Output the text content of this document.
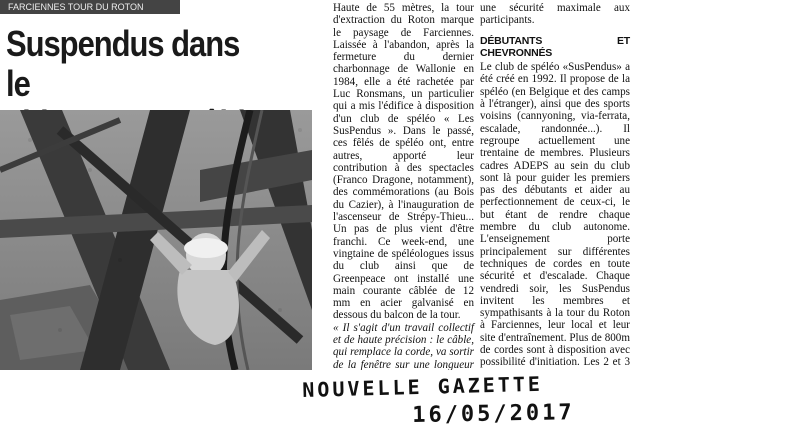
FARCIENNES TOUR DU ROTON
Suspendus dans le

Haute de 55 mètres, la tour d'extraction du Roton marque le paysage de Farciennes. Laissée à l'abandon, après la fermeture du dernier charbonnage de Wallonie en 1984, elle a été rachetée par Luc Ronsmans, un particulier qui a mis l'édifice à disposition d'un club de spéléo « Les SusPendus ». Dans le passé, ces fêlés de spéléo ont, entre autres, apporté leur contribution à des spectacles (Franco Dragone, notamment), des commémorations (au Bois du Cazier), à l'inauguration de l'ascenseur de Strépy-Thieu... Un pas de plus vient d'être franchi. Ce week-end, une vingtaine de spéléologues issus du club ainsi que de Greenpeace ont installé une main courante câblée de 12 mm en acier galvanisé en dessous du balcon de la tour.

« Il s'agit d'un travail collectif et de haute précision : le câble, qui remplace la corde, va sortir de la fenêtre sur une longueur

une sécurité maximale aux participants.

DÉBUTANTS ET CHEVRONNÉS

Le club de spéléo «SusPendus» a été créé en 1992. Il propose de la spéléo (en Belgique et des camps à l'étranger), ainsi que des sports voisins (cannyoning, via-ferrata, escalade, randonnée...). Il regroupe actuellement une trentaine de membres. Plusieurs cadres ADEPS au sein du club sont là pour guider les premiers pas des débutants et aider au perfectionnement de ceux-ci, le but étant de rendre chaque membre du club autonome. L'enseignement porte principalement sur différentes techniques de cordes en toute sécurité et d'escalade. Chaque vendredi soir, les SusPendus invitent les membres et sympathisants à la tour du Roton à Farciennes, leur local et leur site d'entraînement. Plus de 800m de cordes sont à disposition avec possibilité d'initiation. Les 2 et 3

NOUVELLE GAZETTE
16/05/2017
